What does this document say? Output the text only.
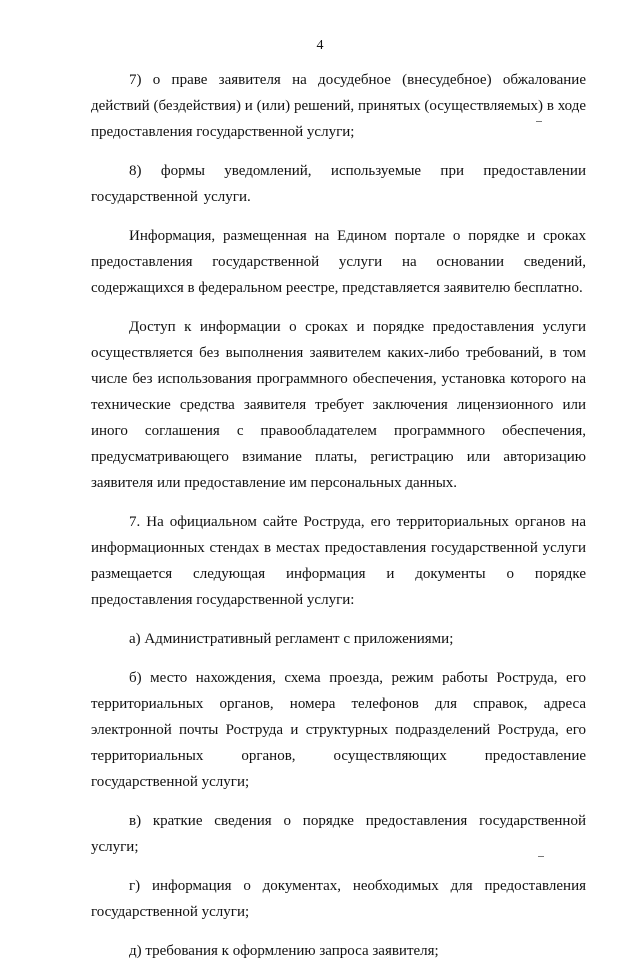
4

7) о праве заявителя на досудебное (внесудебное) обжалование действий (бездействия) и (или) решений, принятых (осуществляемых) в ходе предоставления государственной услуги;

8) формы уведомлений, используемые при предоставлении государственной услуги.

Информация, размещенная на Едином портале о порядке и сроках предоставления государственной услуги на основании сведений, содержащихся в федеральном реестре, представляется заявителю бесплатно.

Доступ к информации о сроках и порядке предоставления услуги осуществляется без выполнения заявителем каких-либо требований, в том числе без использования программного обеспечения, установка которого на технические средства заявителя требует заключения лицензионного или иного соглашения с правообладателем программного обеспечения, предусматривающего взимание платы, регистрацию или авторизацию заявителя или предоставление им персональных данных.

7. На официальном сайте Роструда, его территориальных органов на информационных стендах в местах предоставления государственной услуги размещается следующая информация и документы о порядке предоставления государственной услуги:

а) Административный регламент с приложениями;

б) место нахождения, схема проезда, режим работы Роструда, его территориальных органов, номера телефонов для справок, адреса электронной почты Роструда и структурных подразделений Роструда, его территориальных органов, осуществляющих предоставление государственной услуги;

в) краткие сведения о порядке предоставления государственной услуги;

г) информация о документах, необходимых для предоставления государственной услуги;

д) требования к оформлению запроса заявителя;
